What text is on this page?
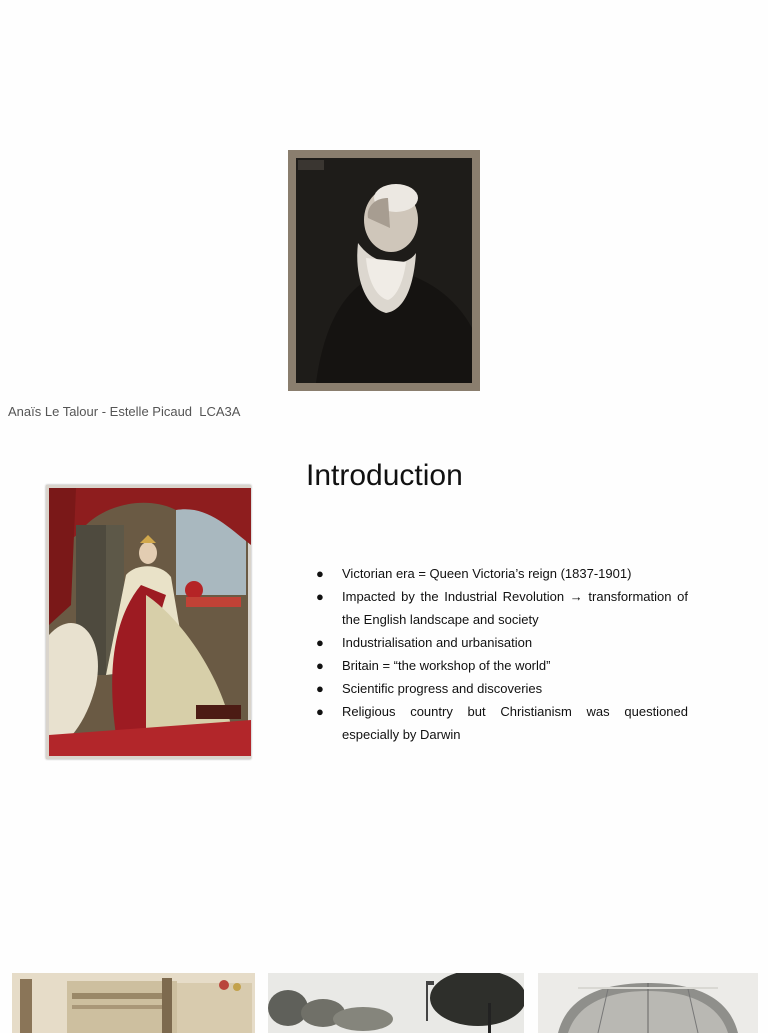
Anaïs Le Talour - Estelle Picaud  LCA3A
Introduction
● Victorian era = Queen Victoria’s reign (1837-1901)
● Impacted by the Industrial Revolution → transformation of the English landscape and society
● Industrialisation and urbanisation
● Britain = “the workshop of the world”
● Scientific progress and discoveries
● Religious country but Christianism was questioned especially by Darwin
